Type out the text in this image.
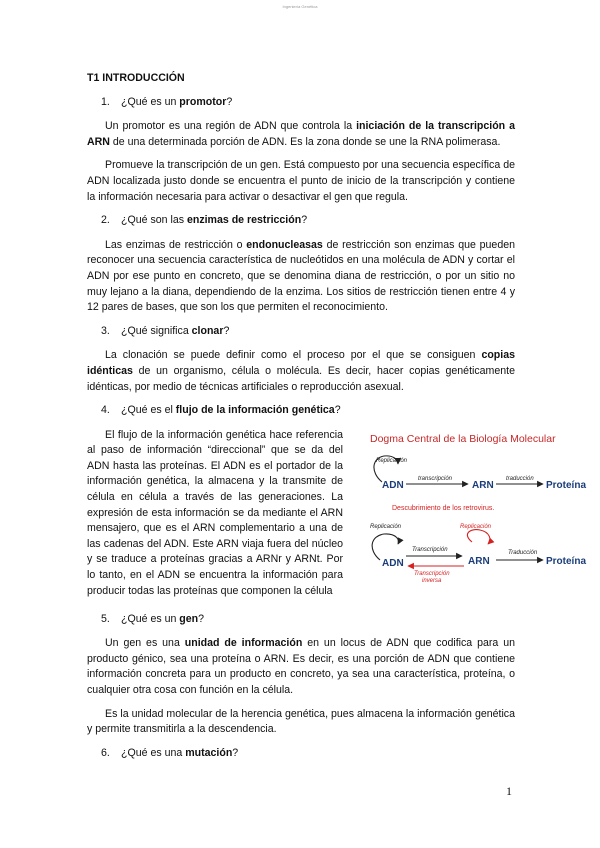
Ingeniería Genética
T1 INTRODUCCIÓN
1. ¿Qué es un promotor?
Un promotor es una región de ADN que controla la iniciación de la transcripción a ARN de una determinada porción de ADN. Es la zona donde se une la RNA polimerasa.
Promueve la transcripción de un gen. Está compuesto por una secuencia específica de ADN localizada justo donde se encuentra el punto de inicio de la transcripción y contiene la información necesaria para activar o desactivar el gen que regula.
2. ¿Qué son las enzimas de restricción?
Las enzimas de restricción o endonucleasas de restricción son enzimas que pueden reconocer una secuencia característica de nucleótidos en una molécula de ADN y cortar el ADN por ese punto en concreto, que se denomina diana de restricción, o por un sitio no muy lejano a la diana, dependiendo de la enzima. Los sitios de restricción tienen entre 4 y 12 pares de bases, que son los que permiten el reconocimiento.
3. ¿Qué significa clonar?
La clonación se puede definir como el proceso por el que se consiguen copias idénticas de un organismo, célula o molécula. Es decir, hacer copias genéticamente idénticas, por medio de técnicas artificiales o reproducción asexual.
4. ¿Qué es el flujo de la información genética?
El flujo de la información genética hace referencia al paso de información “direccional” que se da del ADN hasta las proteínas. El ADN es el portador de la información genética, la almacena y la transmite de célula en célula a través de las generaciones. La expresión de esta información se da mediante el ARN mensajero, que es el ARN complementario a una de las cadenas del ADN. Este ARN viaja fuera del núcleo y se traduce a proteínas gracias a ARNr y ARNt. Por lo tanto, en el ADN se encuentra la información para producir todas las proteínas que componen la célula
Dogma Central de la Biología Molecular
Replicación
ADN
transcripción
ARN
traducción
Proteína
Descubrimiento de los retrovirus.
Replicación
ADN
Transcripción
Transcripción
inversa
Replicación
ARN
Traducción
Proteína
5. ¿Qué es un gen?
Un gen es una unidad de información en un locus de ADN que codifica para un producto génico, sea una proteína o ARN. Es decir, es una porción de ADN que contiene información concreta para un producto en concreto, ya sea una característica, proteína, o cualquier otra cosa con función en la célula.
Es la unidad molecular de la herencia genética, pues almacena la información genética y permite transmitirla a la descendencia.
6. ¿Qué es una mutación?
1
